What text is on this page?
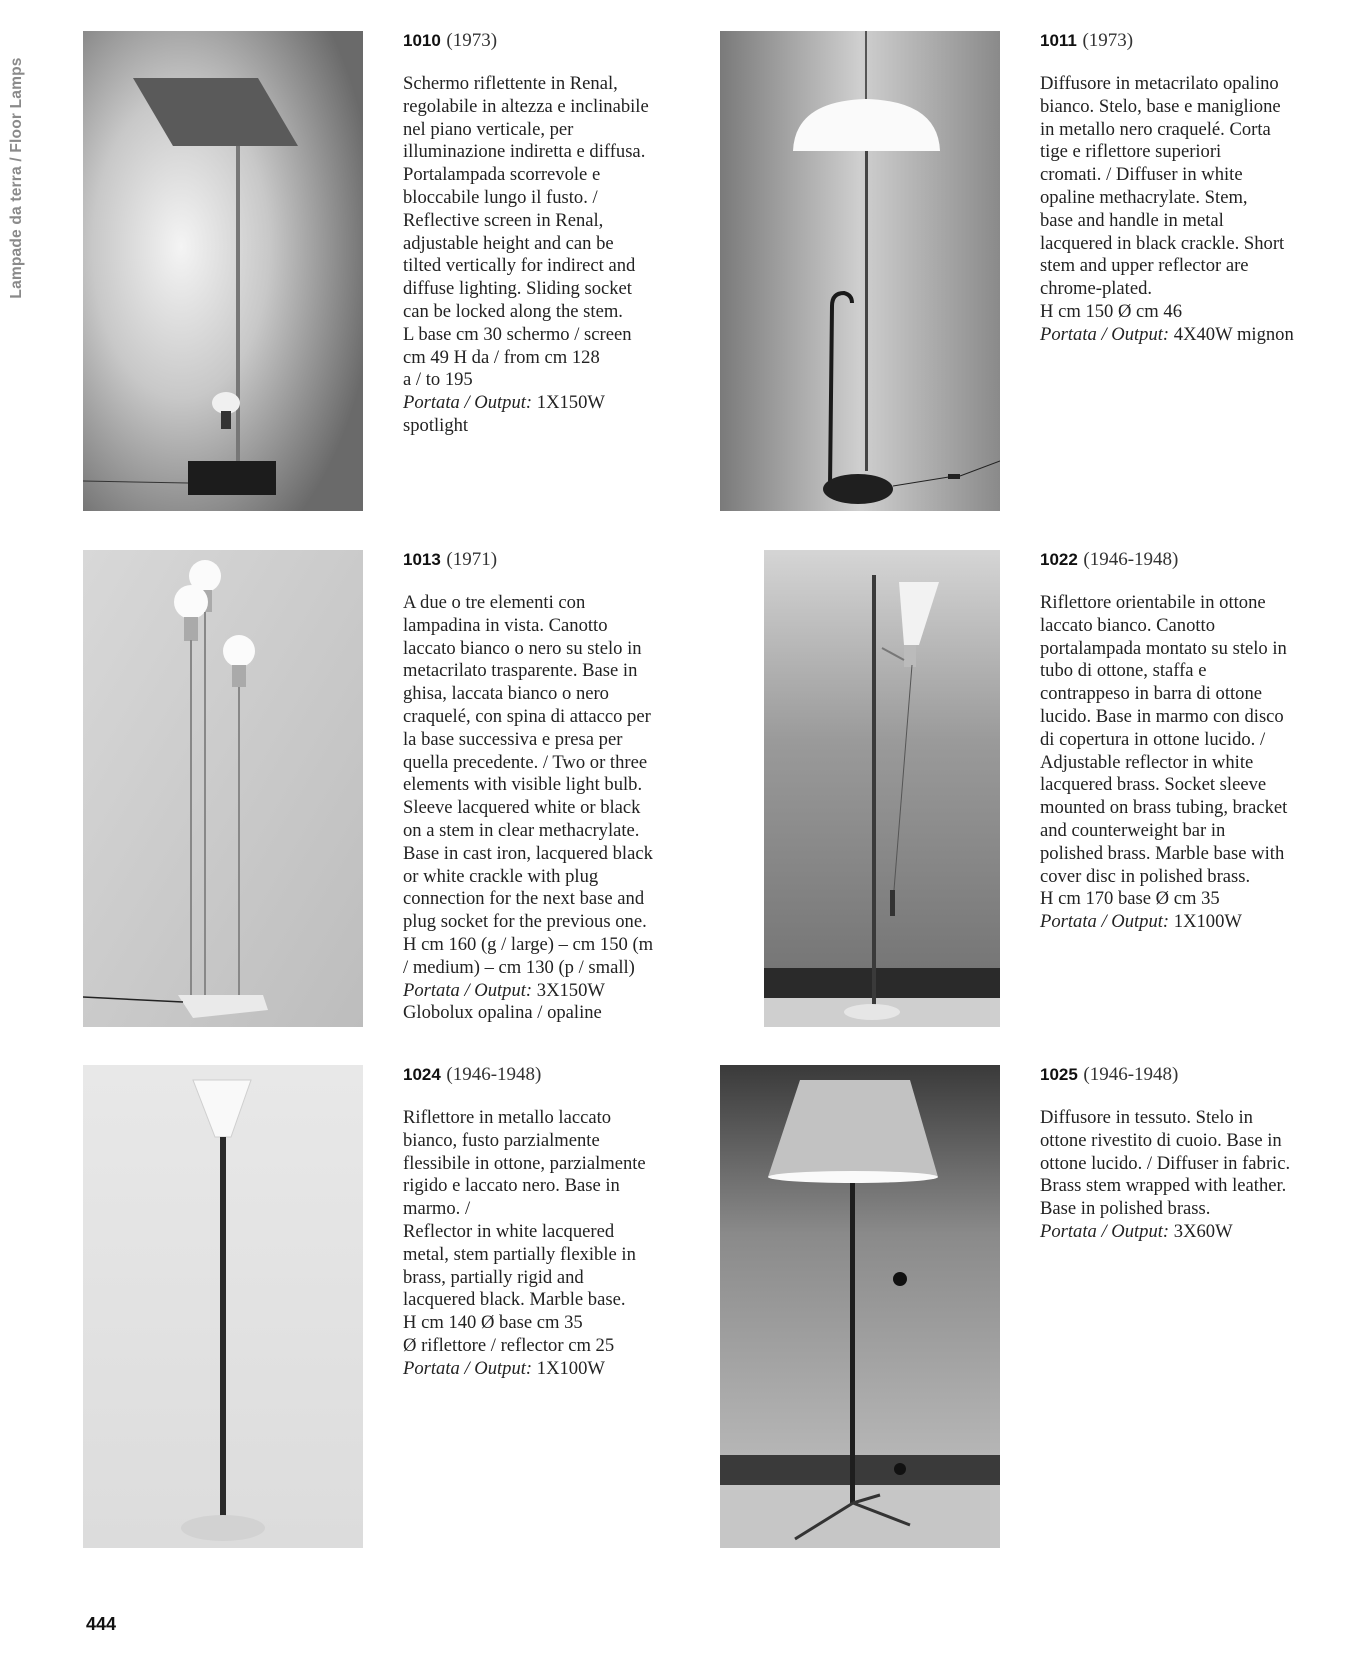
Lampade da terra / Floor Lamps
1010 (1973)
Schermo riflettente in Renal,
regolabile in altezza e inclinabile
nel piano verticale, per
illuminazione indiretta e diffusa.
Portalampada scorrevole e
bloccabile lungo il fusto. /
Reflective screen in Renal,
adjustable height and can be
tilted vertically for indirect and
diffuse lighting. Sliding socket
can be locked along the stem.
L base cm 30 schermo / screen
cm 49 H da / from cm 128
a / to 195
Portata / Output: 1X150W
spotlight
1011 (1973)
Diffusore in metacrilato opalino
bianco. Stelo, base e maniglione
in metallo nero craquelé. Corta
tige e riflettore superiori
cromati. / Diffuser in white
opaline methacrylate. Stem,
base and handle in metal
lacquered in black crackle. Short
stem and upper reflector are
chrome-plated.
H cm 150 Ø cm 46
Portata / Output: 4X40W mignon
1013 (1971)
A due o tre elementi con
lampadina in vista. Canotto
laccato bianco o nero su stelo in
metacrilato trasparente. Base in
ghisa, laccata bianco o nero
craquelé, con spina di attacco per
la base successiva e presa per
quella precedente. / Two or three
elements with visible light bulb.
Sleeve lacquered white or black
on a stem in clear methacrylate.
Base in cast iron, lacquered black
or white crackle with plug
connection for the next base and
plug socket for the previous one.
H cm 160 (g / large) – cm 150 (m
/ medium) – cm 130 (p / small)
Portata / Output: 3X150W
Globolux opalina / opaline
1022 (1946-1948)
Riflettore orientabile in ottone
laccato bianco. Canotto
portalampada montato su stelo in
tubo di ottone, staffa e
contrappeso in barra di ottone
lucido. Base in marmo con disco
di copertura in ottone lucido. /
Adjustable reflector in white
lacquered brass. Socket sleeve
mounted on brass tubing, bracket
and counterweight bar in
polished brass. Marble base with
cover disc in polished brass.
H cm 170 base Ø cm 35
Portata / Output: 1X100W
1024 (1946-1948)
Riflettore in metallo laccato
bianco, fusto parzialmente
flessibile in ottone, parzialmente
rigido e laccato nero. Base in
marmo. /
Reflector in white lacquered
metal, stem partially flexible in
brass, partially rigid and
lacquered black. Marble base.
H cm 140 Ø base cm 35
Ø riflettore / reflector cm 25
Portata / Output: 1X100W
1025 (1946-1948)
Diffusore in tessuto. Stelo in
ottone rivestito di cuoio. Base in
ottone lucido. / Diffuser in fabric.
Brass stem wrapped with leather.
Base in polished brass.
Portata / Output: 3X60W
444
